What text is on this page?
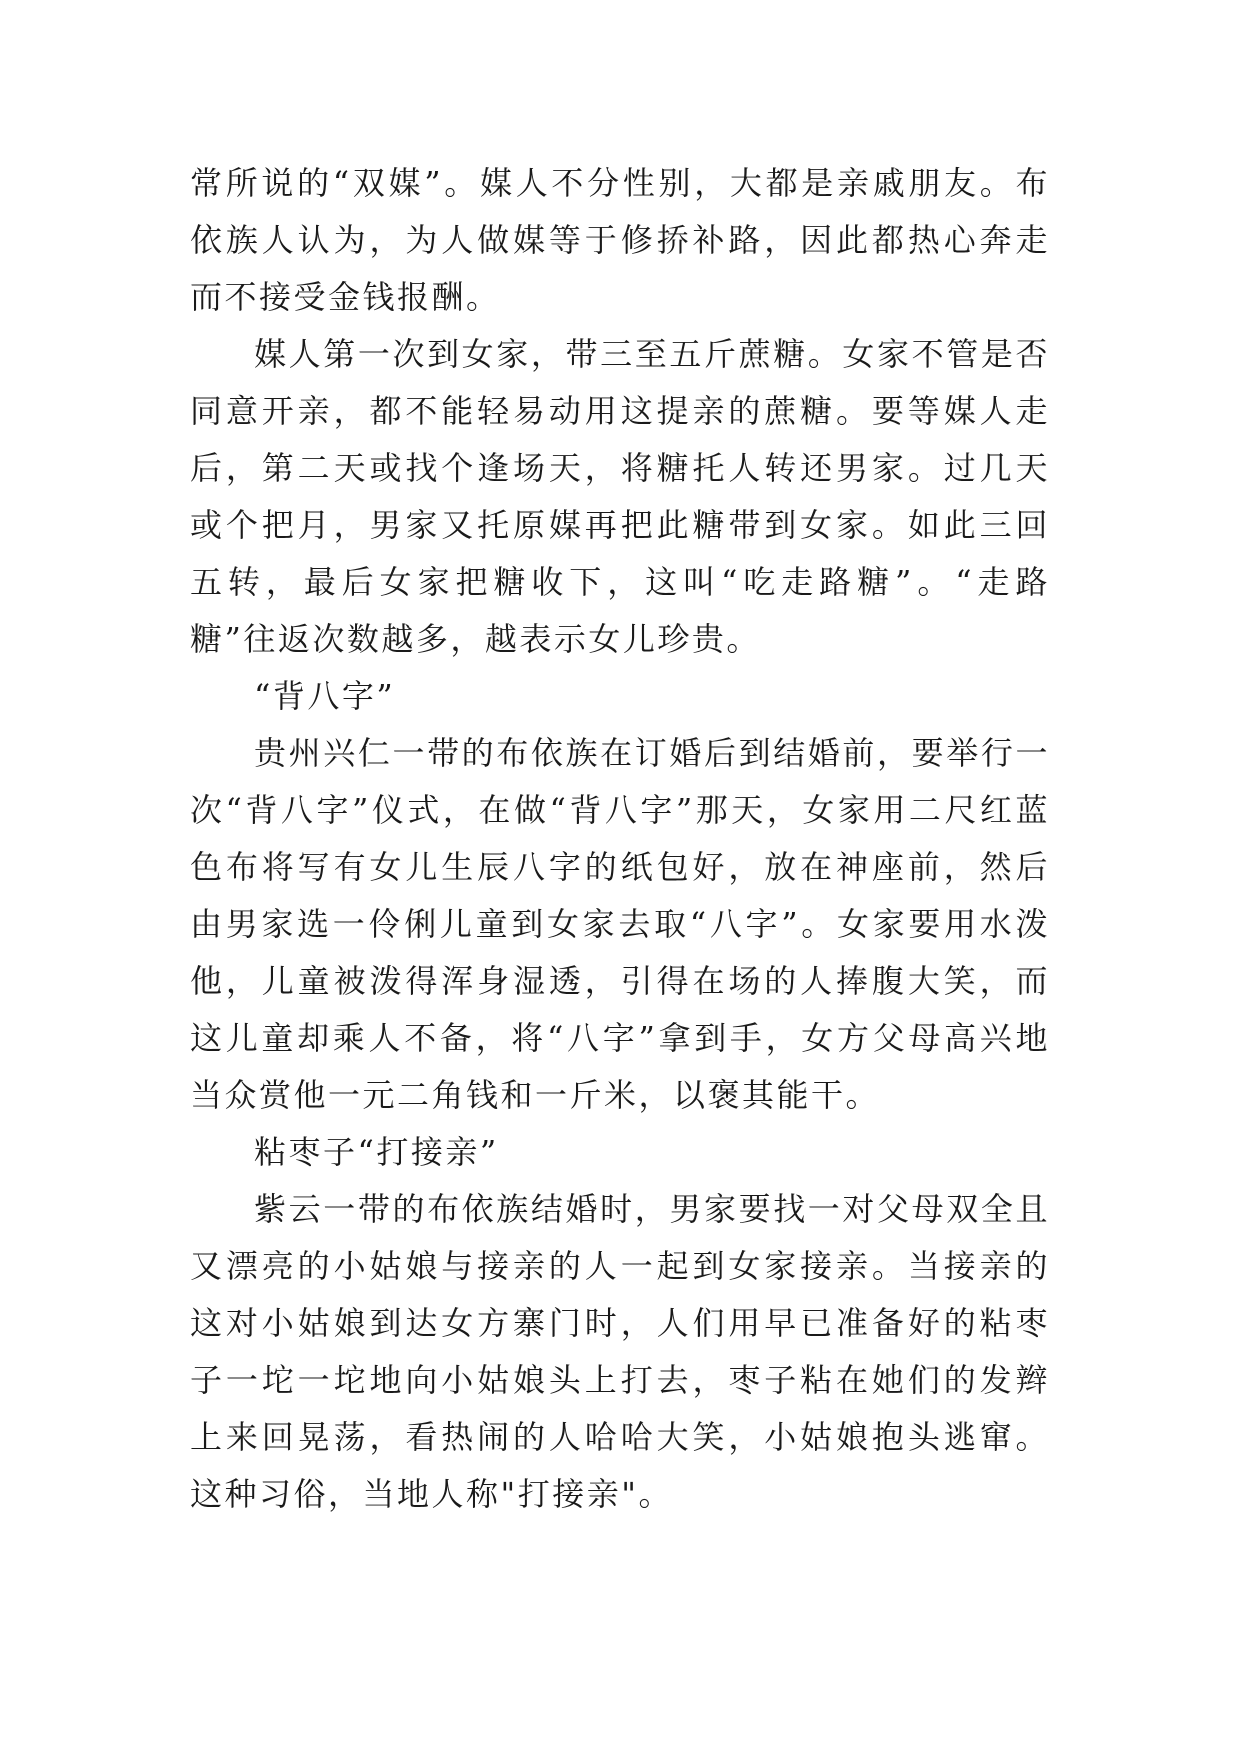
常所说的“双媒”。媒人不分性别，大都是亲戚朋友。布依族人认为，为人做媒等于修挢补路，因此都热心奔走而不接受金钱报酬。

媒人第一次到女家，带三至五斤蔗糖。女家不管是否同意开亲，都不能轻易动用这提亲的蔗糖。要等媒人走后，第二天或找个逢场天，将糖托人转还男家。过几天或个把月，男家又托原媒再把此糖带到女家。如此三回五转，最后女家把糖收下，这叫“吃走路糖”。“走路糖”往返次数越多，越表示女儿珍贵。

“背八字”

贵州兴仁一带的布依族在订婚后到结婚前，要举行一次“背八字”仪式，在做“背八字”那天，女家用二尺红蓝色布将写有女儿生辰八字的纸包好，放在神座前，然后由男家选一伶俐儿童到女家去取“八字”。女家要用水泼他，儿童被泼得浑身湿透，引得在场的人捧腹大笑，而这儿童却乘人不备，将“八字”拿到手，女方父母高兴地当众赏他一元二角钱和一斤米，以褒其能干。

粘枣子“打接亲”

紫云一带的布依族结婚时，男家要找一对父母双全且又漂亮的小姑娘与接亲的人一起到女家接亲。当接亲的这对小姑娘到达女方寨门时，人们用早已准备好的粘枣子一坨一坨地向小姑娘头上打去，枣子粘在她们的发辫上来回晃荡，看热闹的人哈哈大笑，小姑娘抱头逃窜。这种习俗，当地人称"打接亲"。
